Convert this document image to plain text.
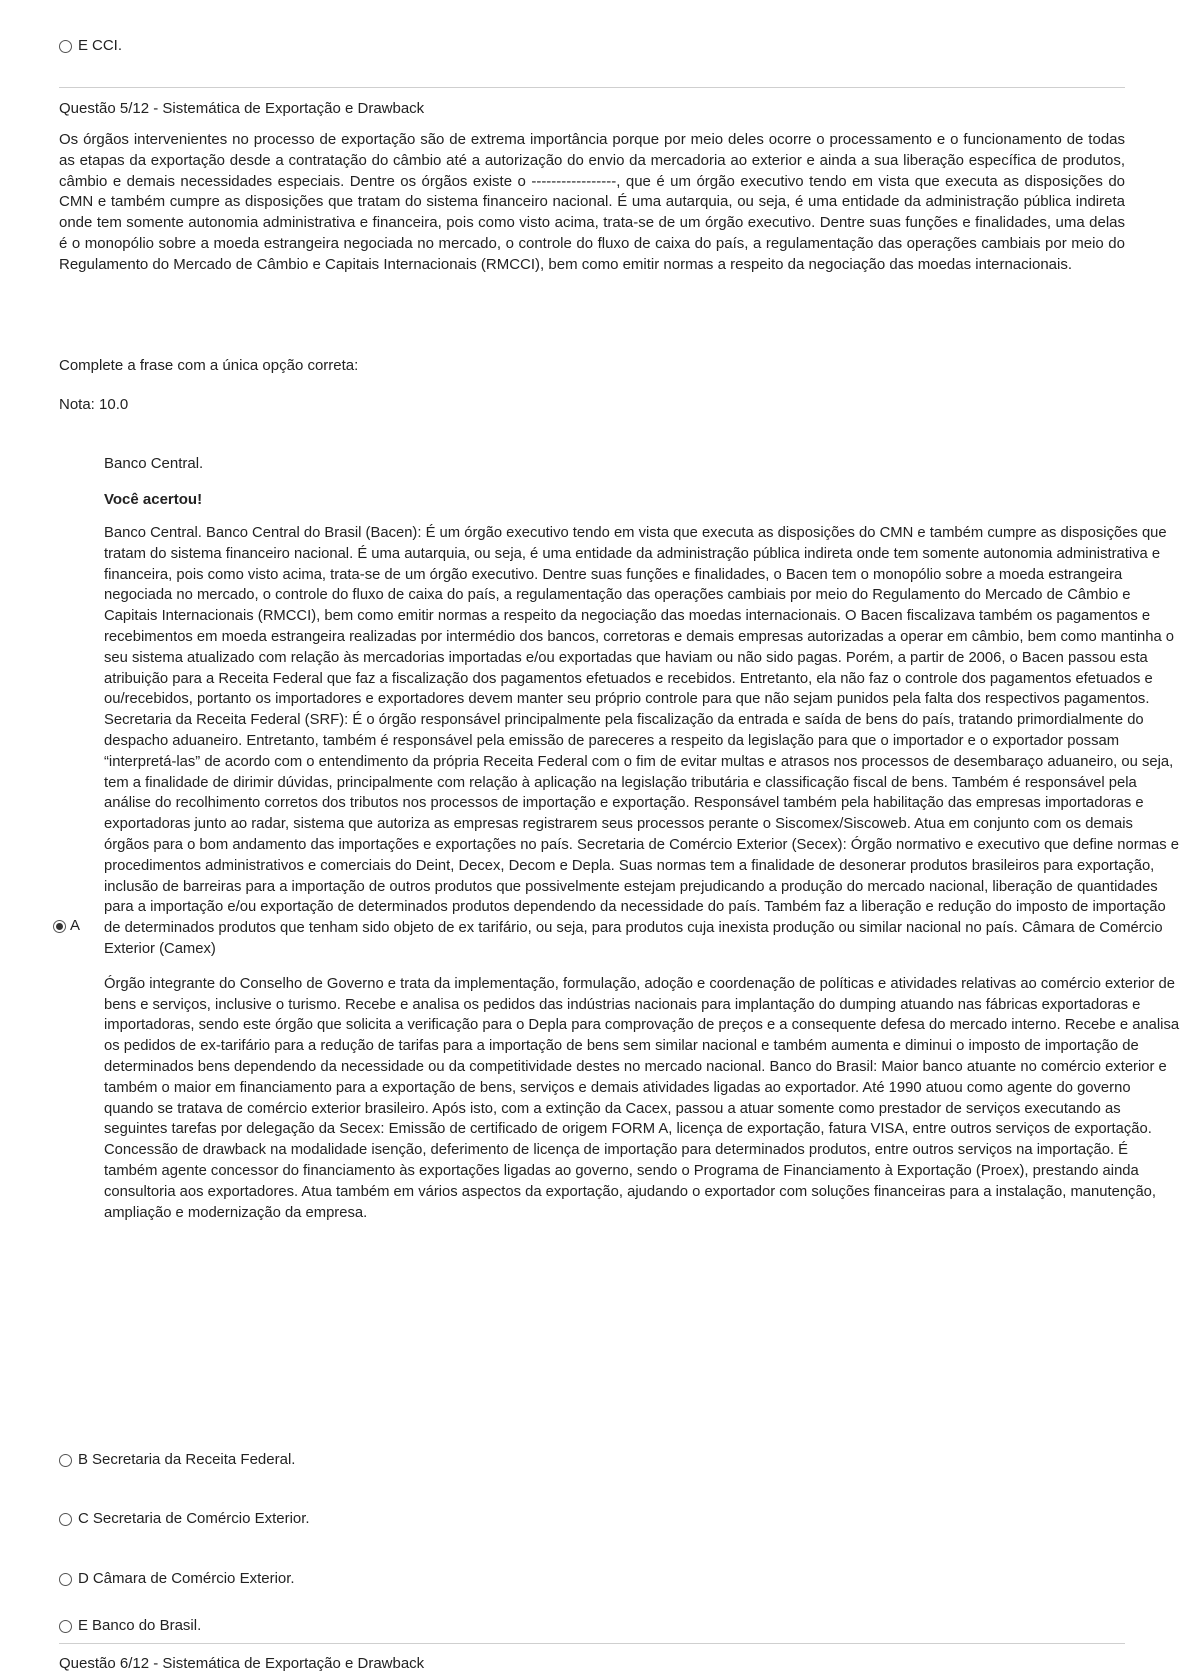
E CCI.
Questão 5/12 - Sistemática de Exportação e Drawback

Os órgãos intervenientes no processo de exportação são de extrema importância porque por meio deles ocorre o processamento e o funcionamento de todas as etapas da exportação desde a contratação do câmbio até a autorização do envio da mercadoria ao exterior e ainda a sua liberação específica de produtos, câmbio e demais necessidades especiais. Dentre os órgãos existe o -----------------, que é um órgão executivo tendo em vista que executa as disposições do CMN e também cumpre as disposições que tratam do sistema financeiro nacional. É uma autarquia, ou seja, é uma entidade da administração pública indireta onde tem somente autonomia administrativa e financeira, pois como visto acima, trata-se de um órgão executivo. Dentre suas funções e finalidades, uma delas é o monopólio sobre a moeda estrangeira negociada no mercado, o controle do fluxo de caixa do país, a regulamentação das operações cambiais por meio do Regulamento do Mercado de Câmbio e Capitais Internacionais (RMCCI), bem como emitir normas a respeito da negociação das moedas internacionais.

Complete a frase com a única opção correta:
Nota: 10.0
A

Banco Central.

Você acertou!

Banco Central. Banco Central do Brasil (Bacen): É um órgão executivo tendo em vista que executa as disposições do CMN e também cumpre as disposições que tratam do sistema financeiro nacional. É uma autarquia, ou seja, é uma entidade da administração pública indireta onde tem somente autonomia administrativa e financeira, pois como visto acima, trata-se de um órgão executivo. Dentre suas funções e finalidades, o Bacen tem o monopólio sobre a moeda estrangeira negociada no mercado, o controle do fluxo de caixa do país, a regulamentação das operações cambiais por meio do Regulamento do Mercado de Câmbio e Capitais Internacionais (RMCCI), bem como emitir normas a respeito da negociação das moedas internacionais. O Bacen fiscalizava também os pagamentos e recebimentos em moeda estrangeira realizadas por intermédio dos bancos, corretoras e demais empresas autorizadas a operar em câmbio, bem como mantinha o seu sistema atualizado com relação às mercadorias importadas e/ou exportadas que haviam ou não sido pagas. Porém, a partir de 2006, o Bacen passou esta atribuição para a Receita Federal que faz a fiscalização dos pagamentos efetuados e recebidos. Entretanto, ela não faz o controle dos pagamentos efetuados e ou/recebidos, portanto os importadores e exportadores devem manter seu próprio controle para que não sejam punidos pela falta dos respectivos pagamentos. Secretaria da Receita Federal (SRF): É o órgão responsável principalmente pela fiscalização da entrada e saída de bens do país, tratando primordialmente do despacho aduaneiro. Entretanto, também é responsável pela emissão de pareceres a respeito da legislação para que o importador e o exportador possam “interpretá-las” de acordo com o entendimento da própria Receita Federal com o fim de evitar multas e atrasos nos processos de desembaraço aduaneiro, ou seja, tem a finalidade de dirimir dúvidas, principalmente com relação à aplicação na legislação tributária e classificação fiscal de bens. Também é responsável pela análise do recolhimento corretos dos tributos nos processos de importação e exportação. Responsável também pela habilitação das empresas importadoras e exportadoras junto ao radar, sistema que autoriza as empresas registrarem seus processos perante o Siscomex/Siscoweb. Atua em conjunto com os demais órgãos para o bom andamento das importações e exportações no país. Secretaria de Comércio Exterior (Secex): Órgão normativo e executivo que define normas e procedimentos administrativos e comerciais do Deint, Decex, Decom e Depla. Suas normas tem a finalidade de desonerar produtos brasileiros para exportação, inclusão de barreiras para a importação de outros produtos que possivelmente estejam prejudicando a produção do mercado nacional, liberação de quantidades para a importação e/ou exportação de determinados produtos dependendo da necessidade do país. Também faz a liberação e redução do imposto de importação de determinados produtos que tenham sido objeto de ex tarifário, ou seja, para produtos cuja inexista produção ou similar nacional no país. Câmara de Comércio Exterior (Camex)

Órgão integrante do Conselho de Governo e trata da implementação, formulação, adoção e coordenação de políticas e atividades relativas ao comércio exterior de bens e serviços, inclusive o turismo. Recebe e analisa os pedidos das indústrias nacionais para implantação do dumping atuando nas fábricas exportadoras e importadoras, sendo este órgão que solicita a verificação para o Depla para comprovação de preços e a consequente defesa do mercado interno. Recebe e analisa os pedidos de ex-tarifário para a redução de tarifas para a importação de bens sem similar nacional e também aumenta e diminui o imposto de importação de determinados bens dependendo da necessidade ou da competitividade destes no mercado nacional. Banco do Brasil: Maior banco atuante no comércio exterior e também o maior em financiamento para a exportação de bens, serviços e demais atividades ligadas ao exportador. Até 1990 atuou como agente do governo quando se tratava de comércio exterior brasileiro. Após isto, com a extinção da Cacex, passou a atuar somente como prestador de serviços executando as seguintes tarefas por delegação da Secex: Emissão de certificado de origem FORM A, licença de exportação, fatura VISA, entre outros serviços de exportação. Concessão de drawback na modalidade isenção, deferimento de licença de importação para determinados produtos, entre outros serviços na importação. É também agente concessor do financiamento às exportações ligadas ao governo, sendo o Programa de Financiamento à Exportação (Proex), prestando ainda consultoria aos exportadores. Atua também em vários aspectos da exportação, ajudando o exportador com soluções financeiras para a instalação, manutenção, ampliação e modernização da empresa.

B Secretaria da Receita Federal.
C Secretaria de Comércio Exterior.
D Câmara de Comércio Exterior.
E Banco do Brasil.
Questão 6/12 - Sistemática de Exportação e Drawback
